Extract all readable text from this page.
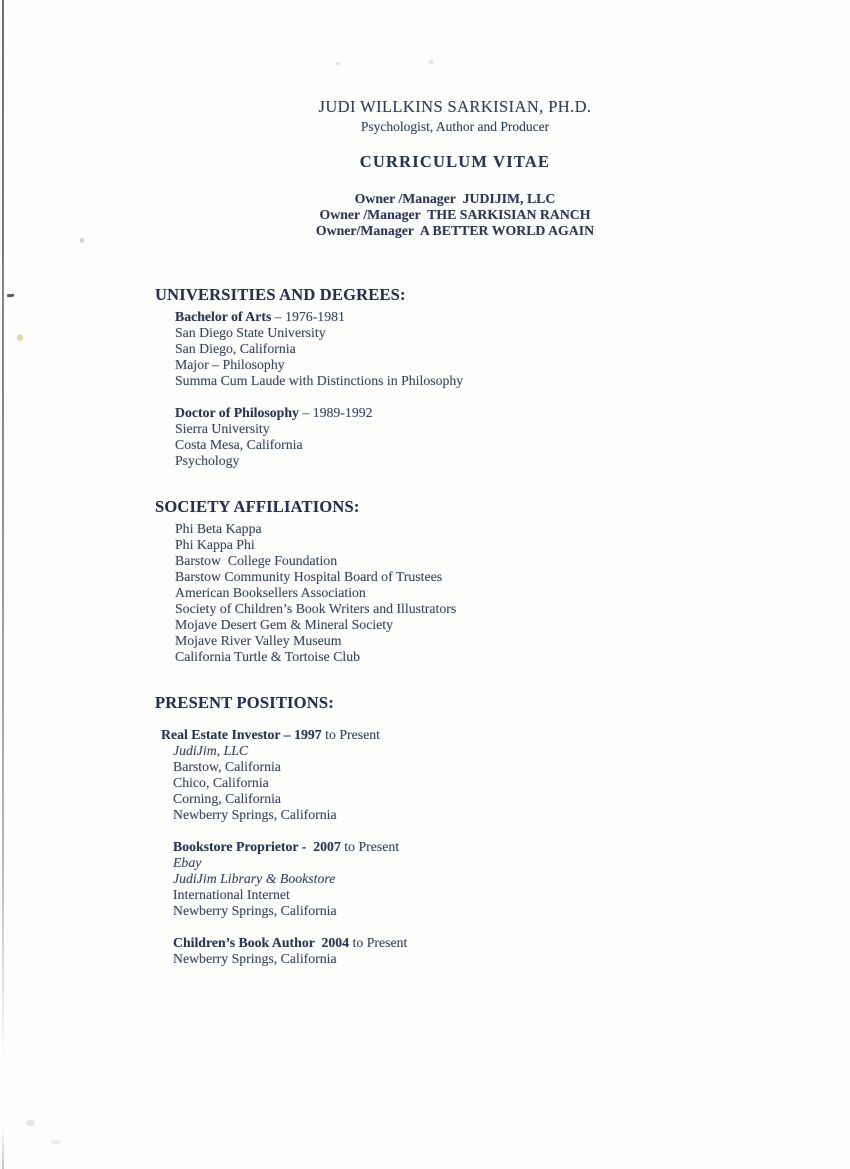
JUDI WILLKINS SARKISIAN, PH.D.
Psychologist, Author and Producer
CURRICULUM VITAE
Owner /Manager  JUDIJIM, LLC
Owner /Manager  THE SARKISIAN RANCH
Owner/Manager  A BETTER WORLD AGAIN
UNIVERSITIES AND DEGREES:
Bachelor of Arts – 1976-1981
San Diego State University
San Diego, California
Major – Philosophy
Summa Cum Laude with Distinctions in Philosophy
Doctor of Philosophy – 1989-1992
Sierra University
Costa Mesa, California
Psychology
SOCIETY AFFILIATIONS:
Phi Beta Kappa
Phi Kappa Phi
Barstow  College Foundation
Barstow Community Hospital Board of Trustees
American Booksellers Association
Society of Children’s Book Writers and Illustrators
Mojave Desert Gem & Mineral Society
Mojave River Valley Museum
California Turtle & Tortoise Club
PRESENT POSITIONS:
Real Estate Investor – 1997 to Present
JudiJim, LLC
Barstow, California
Chico, California
Corning, California
Newberry Springs, California
Bookstore Proprietor -  2007 to Present
Ebay
JudiJim Library & Bookstore
International Internet
Newberry Springs, California
Children’s Book Author  2004 to Present
Newberry Springs, California
